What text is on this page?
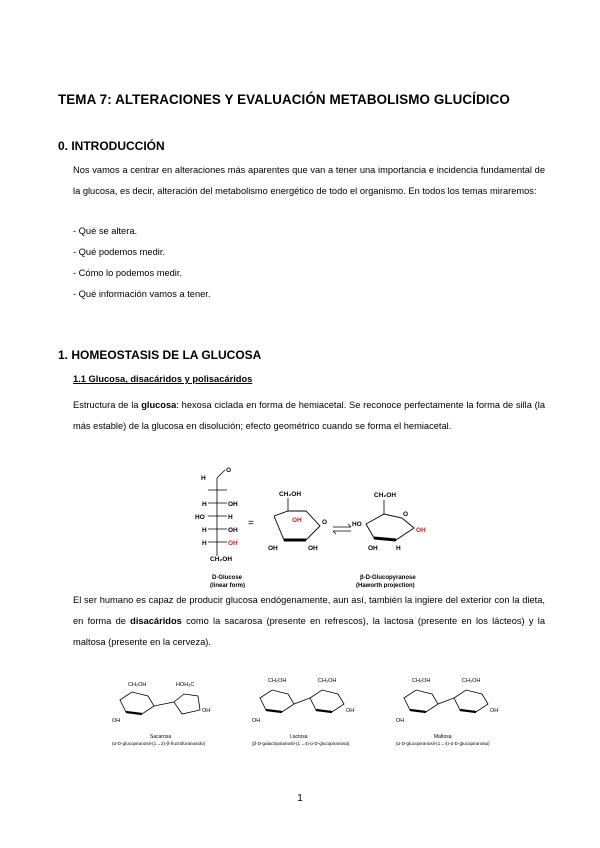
TEMA 7: ALTERACIONES Y EVALUACIÓN METABOLISMO GLUCÍDICO
0. INTRODUCCIÓN
Nos vamos a centrar en alteraciones más aparentes que van a tener una importancia e incidencia fundamental de la glucosa, es decir, alteración del metabolismo energético de todo el organismo. En todos los temas miraremos:
- Qué se altera.
- Qué podemos medir.
- Cómo lo podemos medir.
- Qué información vamos a tener.
1. HOMEOSTASIS DE LA GLUCOSA
1.1 Glucosa, disacáridos y polisacáridos
Estructura de la glucosa: hexosa ciclada en forma de hemiacetal. Se reconoce perfectamente la forma de silla (la más estable) de la glucosa en disolución; efecto geométrico cuando se forma el hemiacetal.
H
O
H	OH
HO	H
H	OH
H	OH
CH₂OH
D-Glucose
(linear form)
=
CH₂OH
OH
OH	OH
O
CH₂OH
O
HO
OH
OH	H
β-D-Glucopyranose
(Haworth projection)
El ser humano es capaz de producir glucosa endógenamente, aun así, también la ingiere del exterior con la dieta, en forma de disacáridos como la sacarosa (presente en refrescos), la lactosa (presente en los lácteos) y la maltosa (presente en la cerveza).
CH₂OH	HOH₂C
OH
OH
Sacarosa
(α-D-glucopiranosil-(1→2)-β-fructofuranosido)
CH₂OH	CH₂OH
OH
OH
Lactosa
(β-D-galactopiranosil-(1→4)-α-D-glucopiranosa)
CH₂OH	CH₂OH
OH
OH
Maltosa
(α-D-glucopiranosil-(1→4)-α-D-glucopiranosa)
1
